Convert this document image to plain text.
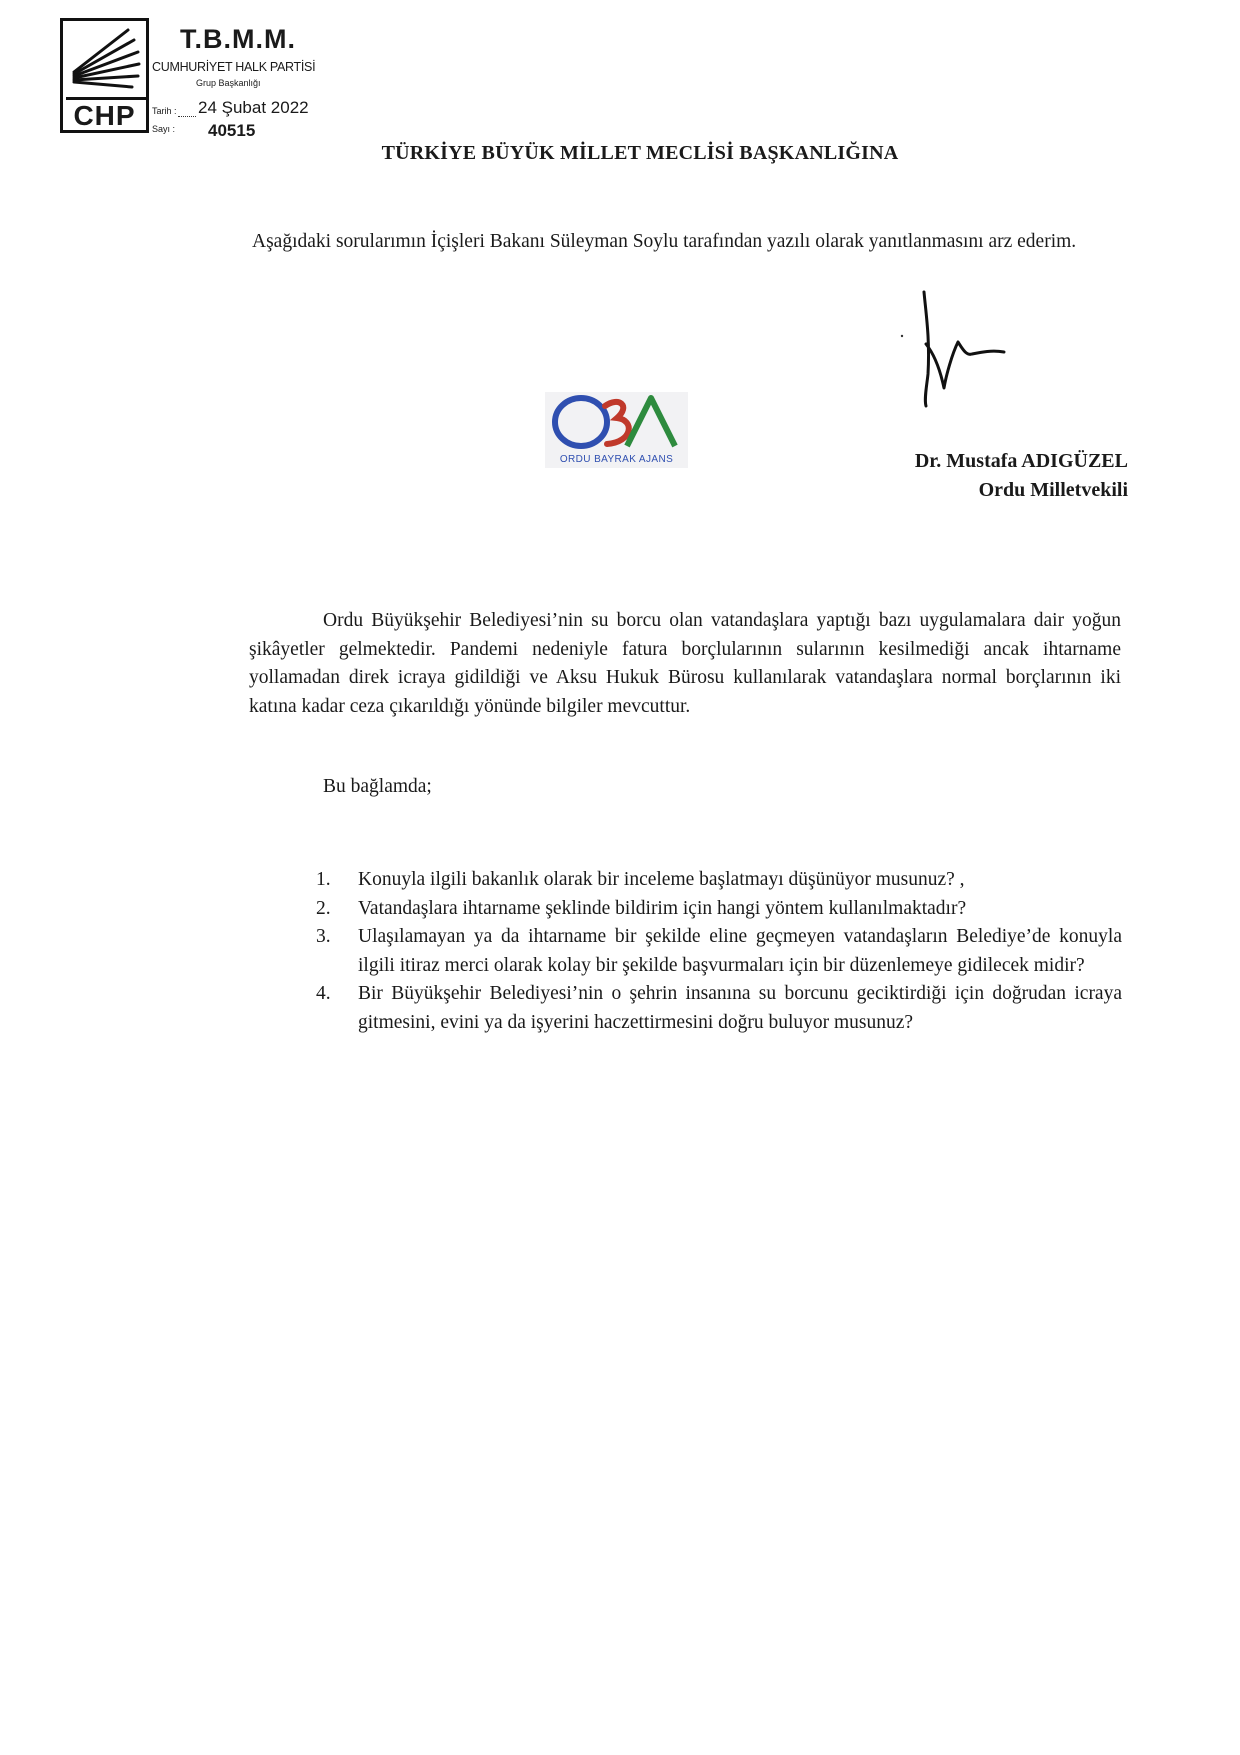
CHP
T.B.M.M.
CUMHURİYET HALK PARTİSİ
Grup Başkanlığı
Tarih : 24 Şubat 2022
Sayı : 40515
TÜRKİYE BÜYÜK MİLLET MECLİSİ BAŞKANLIĞINA
Aşağıdaki sorularımın İçişleri Bakanı Süleyman Soylu tarafından yazılı olarak yanıtlanmasını arz ederim.
ORDU BAYRAK AJANS	Dr. Mustafa ADIGÜZEL
Ordu Milletvekili
Ordu Büyükşehir Belediyesi’nin su borcu olan vatandaşlara yaptığı bazı uygulamalara dair yoğun şikâyetler gelmektedir. Pandemi nedeniyle fatura borçlularının sularının kesilmediği ancak ihtarname yollamadan direk icraya gidildiği ve Aksu Hukuk Bürosu kullanılarak vatandaşlara normal borçlarının iki katına kadar ceza çıkarıldığı yönünde bilgiler mevcuttur.
Bu bağlamda;
1. Konuyla ilgili bakanlık olarak bir inceleme başlatmayı düşünüyor musunuz? ,
2. Vatandaşlara ihtarname şeklinde bildirim için hangi yöntem kullanılmaktadır?
3. Ulaşılamayan ya da ihtarname bir şekilde eline geçmeyen vatandaşların Belediye’de konuyla ilgili itiraz merci olarak kolay bir şekilde başvurmaları için bir düzenlemeye gidilecek midir?
4. Bir Büyükşehir Belediyesi’nin o şehrin insanına su borcunu geciktirdiği için doğrudan icraya gitmesini, evini ya da işyerini haczettirmesini doğru buluyor musunuz?
